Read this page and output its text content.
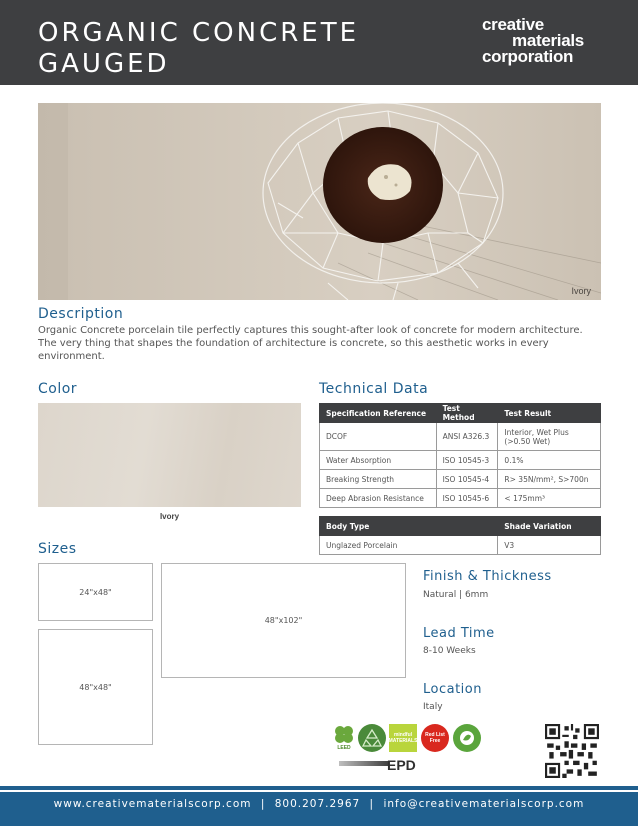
ORGANIC CONCRETE
GAUGED
creative
materials
corporation
Ivory
Description
Organic Concrete porcelain tile perfectly captures this sought-after look of concrete for modern architecture. The very thing that shapes the foundation of architecture is concrete, so this aesthetic works in every environment.
Color
Ivory
Technical Data
Specification Reference	Test Method	Test Result
DCOF	ANSI A326.3	Interior, Wet Plus (>0.50 Wet)
Water Absorption	ISO 10545-3	0.1%
Breaking Strength	ISO 10545-4	R> 35N/mm², S>700n
Deep Abrasion Resistance	ISO 10545-6	< 175mm³
Body Type	Shade Variation
Unglazed Porcelain	V3
Sizes
24"x48"
48"x102"
48"x48"
Finish & Thickness
Natural | 6mm
Lead Time
8-10 Weeks
Location
Italy
LEED
mindful MATERIALS
Red List Free
EPD
www.creativematerialscorp.com | 800.207.2967 | info@creativematerialscorp.com
